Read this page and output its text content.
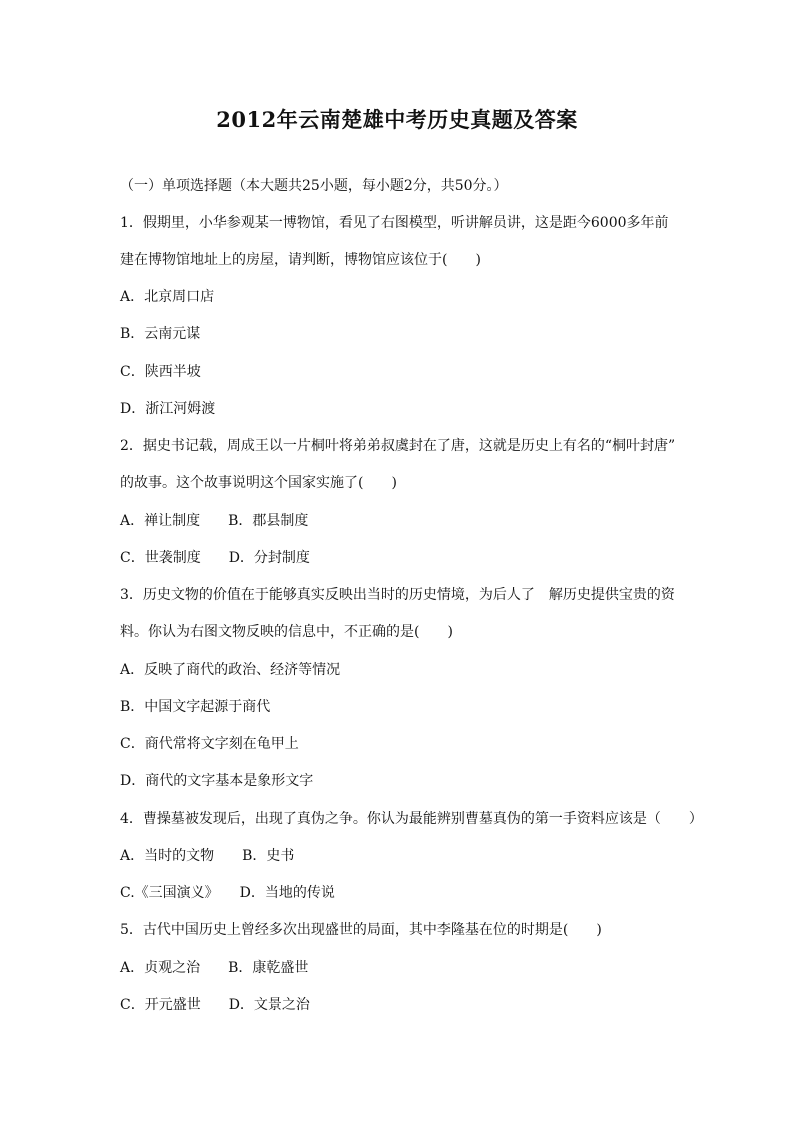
2012年云南楚雄中考历史真题及答案
（一）单项选择题（本大题共25小题，每小题2分，共50分。）
1．假期里，小华参观某一博物馆，看见了右图模型，听讲解员讲，这是距今6000多年前
建在博物馆地址上的房屋，请判断，博物馆应该位于(　　)
A．北京周口店
B．云南元谋
C．陕西半坡
D．浙江河姆渡
2．据史书记载，周成王以一片桐叶将弟弟叔虞封在了唐，这就是历史上有名的“桐叶封唐”
的故事。这个故事说明这个国家实施了(　　)
A．禅让制度　　B．郡县制度
C．世袭制度　　D．分封制度
3．历史文物的价值在于能够真实反映出当时的历史情境，为后人了　解历史提供宝贵的资
料。你认为右图文物反映的信息中，不正确的是(　　)
A．反映了商代的政治、经济等情况
B．中国文字起源于商代
C．商代常将文字刻在龟甲上
D．商代的文字基本是象形文字
4．曹操墓被发现后，出现了真伪之争。你认为最能辨别曹墓真伪的第一手资料应该是（　　）
A．当时的文物　　B．史书
C.《三国演义》　　D．当地的传说
5．古代中国历史上曾经多次出现盛世的局面，其中李隆基在位的时期是(　　)
A．贞观之治　　B．康乾盛世
C．开元盛世　　D．文景之治
